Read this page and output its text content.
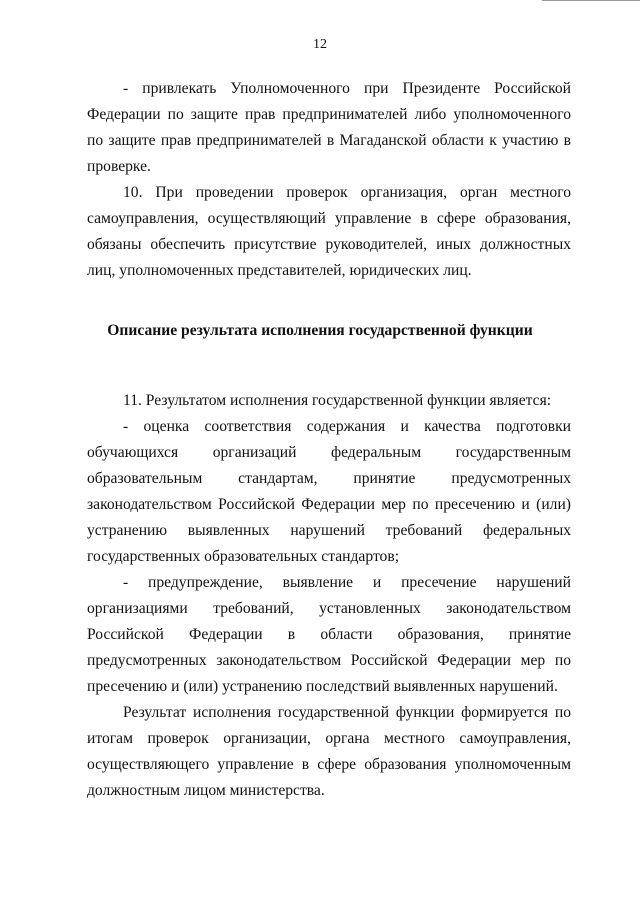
12

- привлекать Уполномоченного при Президенте Российской Федерации по защите прав предпринимателей либо уполномоченного по защите прав предпринимателей в Магаданской области к участию в проверке.

10. При проведении проверок организация, орган местного самоуправления, осуществляющий управление в сфере образования, обязаны обеспечить присутствие руководителей, иных должностных лиц, уполномоченных представителей, юридических лиц.

Описание результата исполнения государственной функции

11. Результатом исполнения государственной функции является:

- оценка соответствия содержания и качества подготовки обучающихся организаций федеральным государственным образовательным стандартам, принятие предусмотренных законодательством Российской Федерации мер по пресечению и (или) устранению выявленных нарушений требований федеральных государственных образовательных стандартов;

- предупреждение, выявление и пресечение нарушений организациями требований, установленных законодательством Российской Федерации в области образования, принятие предусмотренных законодательством Российской Федерации мер по пресечению и (или) устранению последствий выявленных нарушений.

Результат исполнения государственной функции формируется по итогам проверок организации, органа местного самоуправления, осуществляющего управление в сфере образования уполномоченным должностным лицом министерства.
